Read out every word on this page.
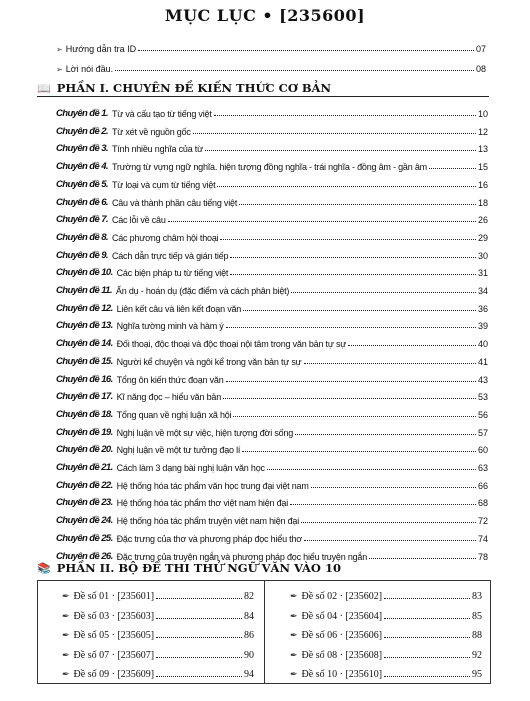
MỤC LỤC • [235600]
➢ Hướng dẫn tra ID	07
➢ Lời nói đầu.	08
📖 PHẦN I. CHUYÊN ĐỀ KIẾN THỨC CƠ BẢN
Chuyên đề 1. Từ và cấu tạo từ tiếng việt	10
Chuyên đề 2. Từ xét về nguồn gốc	12
Chuyên đề 3. Tính nhiều nghĩa của từ	13
Chuyên đề 4. Trường từ vựng ngữ nghĩa. hiện tượng đồng nghĩa - trái nghĩa - đồng âm - gần âm	15
Chuyên đề 5. Từ loại và cụm từ tiếng việt	16
Chuyên đề 6. Câu và thành phần câu tiếng việt	18
Chuyên đề 7. Các lỗi về câu	26
Chuyên đề 8. Các phương châm hội thoại	29
Chuyên đề 9. Cách dẫn trực tiếp và gián tiếp	30
Chuyên đề 10. Các biện pháp tu từ tiếng việt	31
Chuyên đề 11. Ẩn dụ - hoán dụ (đặc điểm và cách phân biệt)	34
Chuyên đề 12. Liên kết câu và liên kết đoạn văn	36
Chuyên đề 13. Nghĩa tường minh và hàm ý	39
Chuyên đề 14. Đối thoại, độc thoại và độc thoại nội tâm trong văn bản tự sự	40
Chuyên đề 15. Người kể chuyện và ngôi kể trong văn bản tự sự	41
Chuyên đề 16. Tổng ôn kiến thức đoạn văn	43
Chuyên đề 17. Kĩ năng đọc – hiểu văn bản	53
Chuyên đề 18. Tổng quan về nghị luận xã hội	56
Chuyên đề 19. Nghị luận về một sự việc, hiện tượng đời sống	57
Chuyên đề 20. Nghị luận về một tư tưởng đạo lí	60
Chuyên đề 21. Cách làm 3 dạng bài nghị luận văn học	63
Chuyên đề 22. Hệ thống hóa tác phẩm văn học trung đại việt nam	66
Chuyên đề 23. Hệ thống hóa tác phẩm thơ việt nam hiện đại	68
Chuyên đề 24. Hệ thống hóa tác phẩm truyện việt nam hiện đại	72
Chuyên đề 25. Đặc trưng của thơ và phương pháp đọc hiểu thơ	74
Chuyên đề 26. Đặc trưng của truyện ngắn và phương pháp đọc hiểu truyện ngắn	78
📚 PHẦN II. BỘ ĐỀ THI THỬ NGỮ VĂN VÀO 10
✒ Đề số 01 · [235601]	82
✒ Đề số 03 · [235603]	84
✒ Đề số 05 · [235605]	86
✒ Đề số 07 · [235607]	90
✒ Đề số 09 · [235609]	94
✒ Đề số 02 · [235602]	83
✒ Đề số 04 · [235604]	85
✒ Đề số 06 · [235606]	88
✒ Đề số 08 · [235608]	92
✒ Đề số 10 · [235610]	95
